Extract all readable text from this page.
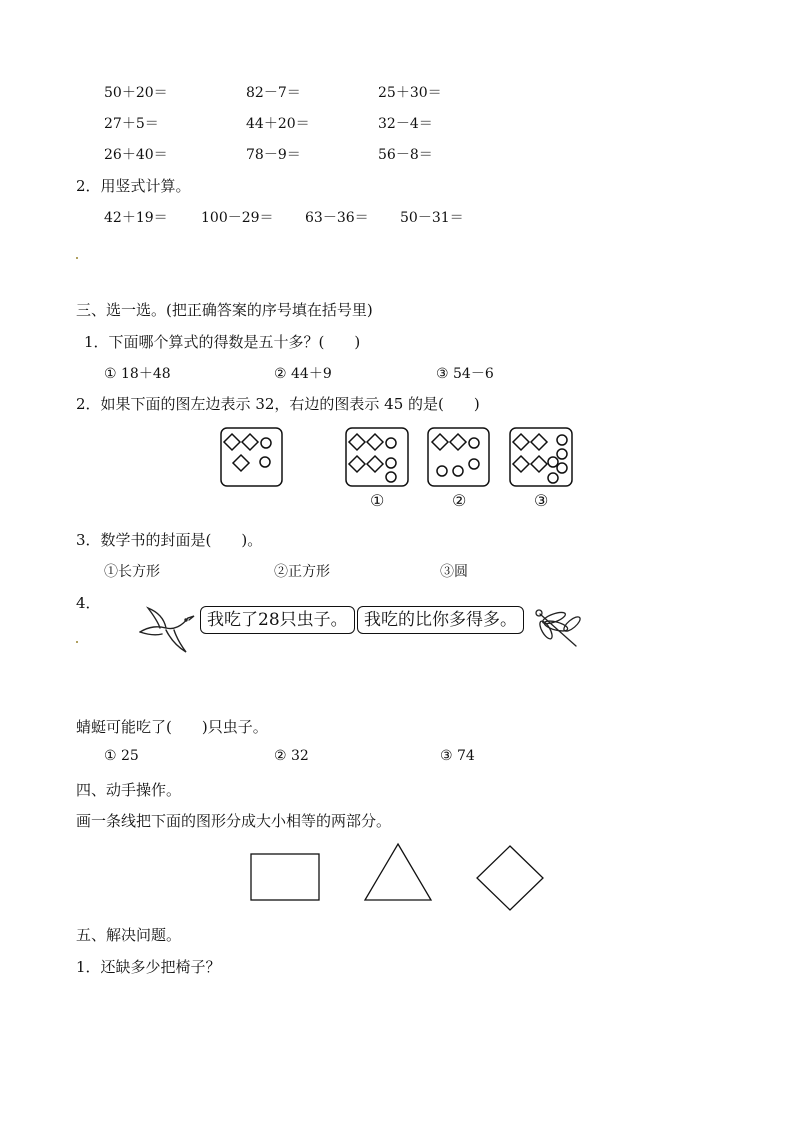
50＋20＝	82－7＝	25＋30＝
27＋5＝	44＋20＝	32－4＝
26＋40＝	78－9＝	56－8＝
2．用竖式计算。
42＋19＝ 100－29＝ 63－36＝ 50－31＝
三、选一选。(把正确答案的序号填在括号里)
1．下面哪个算式的得数是五十多？(　　)
① 18＋48	② 44＋9	③ 54－6
2．如果下面的图左边表示 32，右边的图表示 45 的是(　　)
①	②	③
3．数学书的封面是(　　)。
①长方形	②正方形	③圆
4．
我吃了28只虫子。 我吃的比你多得多。
蜻蜓可能吃了(　　)只虫子。
① 25	② 32	③ 74
四、动手操作。
画一条线把下面的图形分成大小相等的两部分。
五、解决问题。
1．还缺多少把椅子？
